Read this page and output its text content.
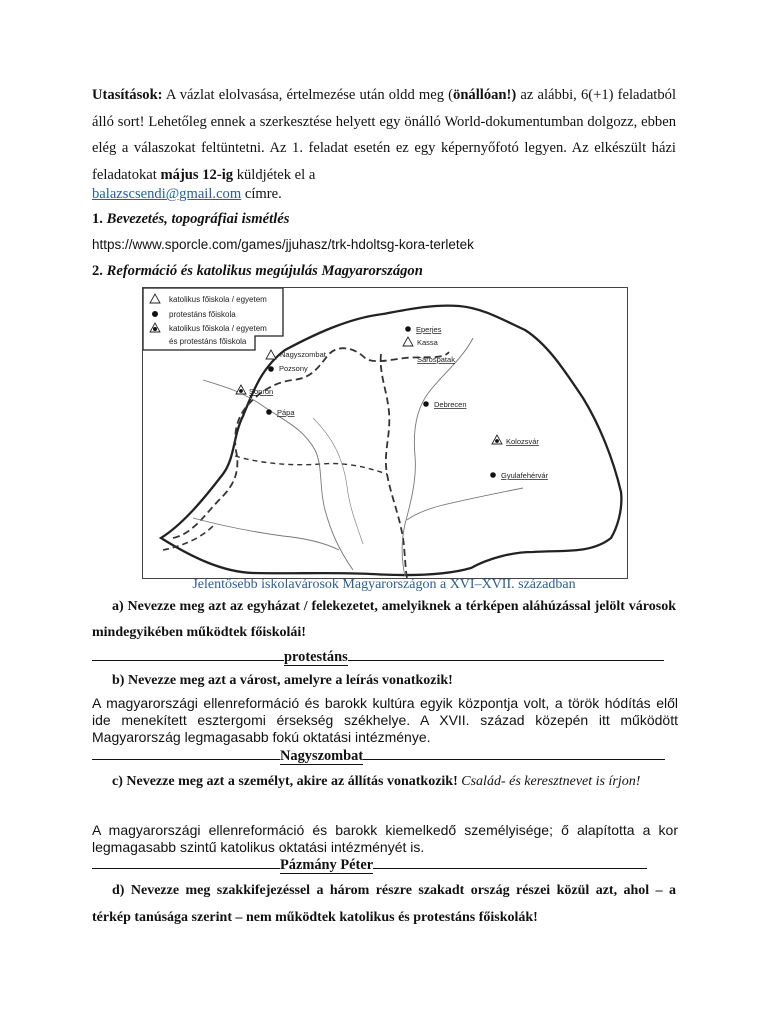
Utasítások: A vázlat elolvasása, értelmezése után oldd meg (önállóan!) az alábbi, 6(+1) feladatból álló sort! Lehetőleg ennek a szerkesztése helyett egy önálló World-dokumentumban dolgozz, ebben elég a válaszokat feltüntetni. Az 1. feladat esetén ez egy képernyőfotó legyen. Az elkészült házi feladatokat május 12-ig küldjétek el a

balazscsendi@gmail.com címre.
1. Bevezetés, topográfiai ismétlés
https://www.sporcle.com/games/jjuhasz/trk-hdoltsg-kora-terletek
2. Reformáció és katolikus megújulás Magyarországon
katolikus főiskola / egyetem
protestáns főiskola
katolikus főiskola / egyetem
és protestáns főiskola
Nagyszombat
Pozsony
Sopron
Pápa
Eperjes
Kassa
Sárospatak
Debrecen
Kolozsvár
Gyulafehérvár
Jelentősebb iskolavárosok Magyarországon a XVI–XVII. században
a) Nevezze meg azt az egyházat / felekezetet, amelyiknek a térképen aláhúzással jelölt városok mindegyikében működtek főiskolái!
protestáns
b) Nevezze meg azt a várost, amelyre a leírás vonatkozik!
A magyarországi ellenreformáció és barokk kultúra egyik központja volt, a török hódítás elől ide menekített esztergomi érsekség székhelye. A XVII. század közepén itt működött Magyarország legmagasabb fokú oktatási intézménye.
Nagyszombat
c) Nevezze meg azt a személyt, akire az állítás vonatkozik! Család- és keresztnevet is írjon!
A magyarországi ellenreformáció és barokk kiemelkedő személyisége; ő alapította a kor legmagasabb szintű katolikus oktatási intézményét is.
Pázmány Péter
d) Nevezze meg szakkifejezéssel a három részre szakadt ország részei közül azt, ahol – a térkép tanúsága szerint – nem működtek katolikus és protestáns főiskolák!
